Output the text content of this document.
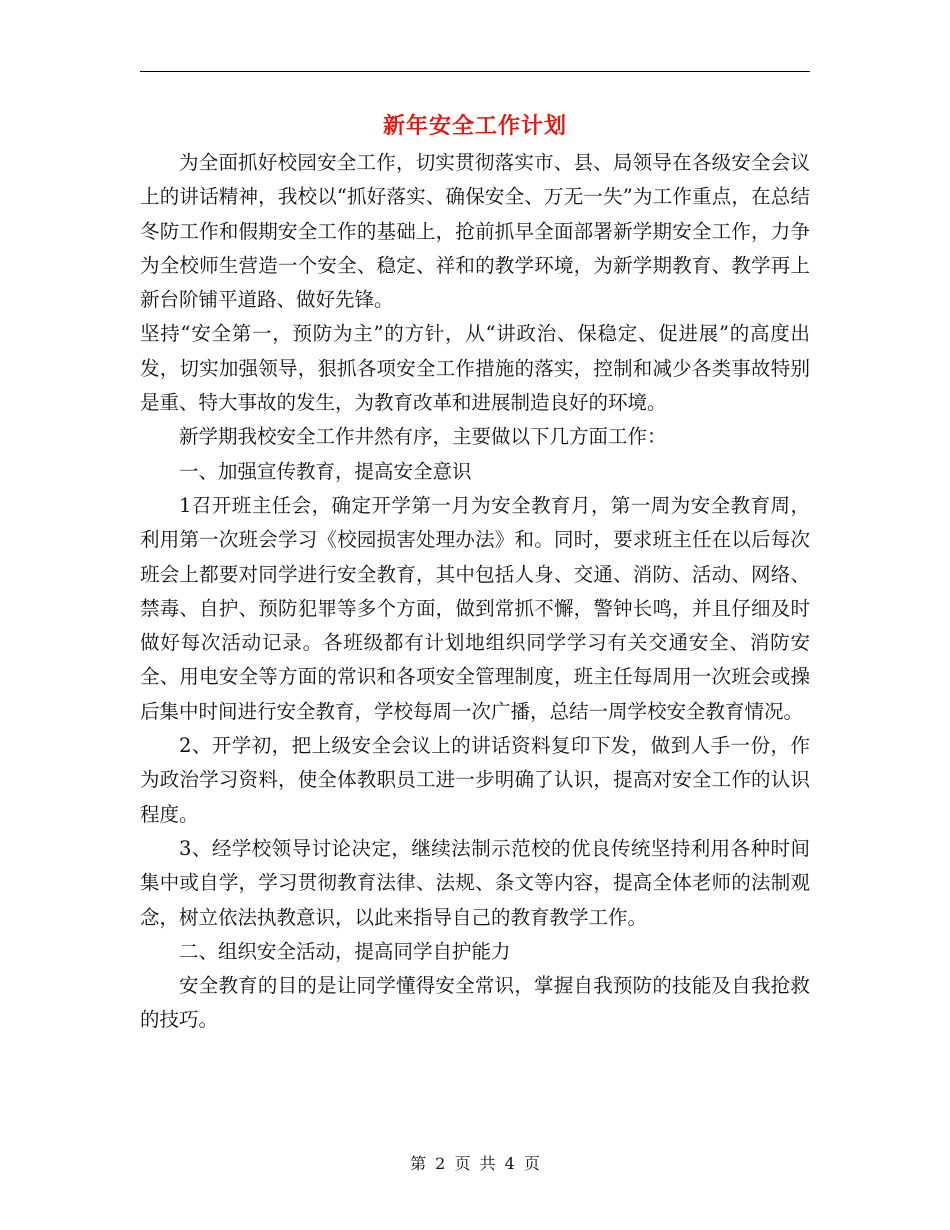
新年安全工作计划

为全面抓好校园安全工作，切实贯彻落实市、县、局领导在各级安全会议上的讲话精神，我校以“抓好落实、确保安全、万无一失”为工作重点，在总结冬防工作和假期安全工作的基础上，抢前抓早全面部署新学期安全工作，力争为全校师生营造一个安全、稳定、祥和的教学环境，为新学期教育、教学再上新台阶铺平道路、做好先锋。

坚持“安全第一，预防为主”的方针，从“讲政治、保稳定、促进展”的高度出发，切实加强领导，狠抓各项安全工作措施的落实，控制和减少各类事故特别是重、特大事故的发生，为教育改革和进展制造良好的环境。

新学期我校安全工作井然有序，主要做以下几方面工作：

一、加强宣传教育，提高安全意识

1召开班主任会，确定开学第一月为安全教育月，第一周为安全教育周，利用第一次班会学习《校园损害处理办法》和。同时，要求班主任在以后每次班会上都要对同学进行安全教育，其中包括人身、交通、消防、活动、网络、禁毒、自护、预防犯罪等多个方面，做到常抓不懈，警钟长鸣，并且仔细及时做好每次活动记录。各班级都有计划地组织同学学习有关交通安全、消防安全、用电安全等方面的常识和各项安全管理制度，班主任每周用一次班会或操后集中时间进行安全教育，学校每周一次广播，总结一周学校安全教育情况。

2、开学初，把上级安全会议上的讲话资料复印下发，做到人手一份，作为政治学习资料，使全体教职员工进一步明确了认识，提高对安全工作的认识程度。

3、经学校领导讨论决定，继续法制示范校的优良传统坚持利用各种时间集中或自学，学习贯彻教育法律、法规、条文等内容，提高全体老师的法制观念，树立依法执教意识，以此来指导自己的教育教学工作。

二、组织安全活动，提高同学自护能力

安全教育的目的是让同学懂得安全常识，掌握自我预防的技能及自我抢救的技巧。

第 2 页 共 4 页
